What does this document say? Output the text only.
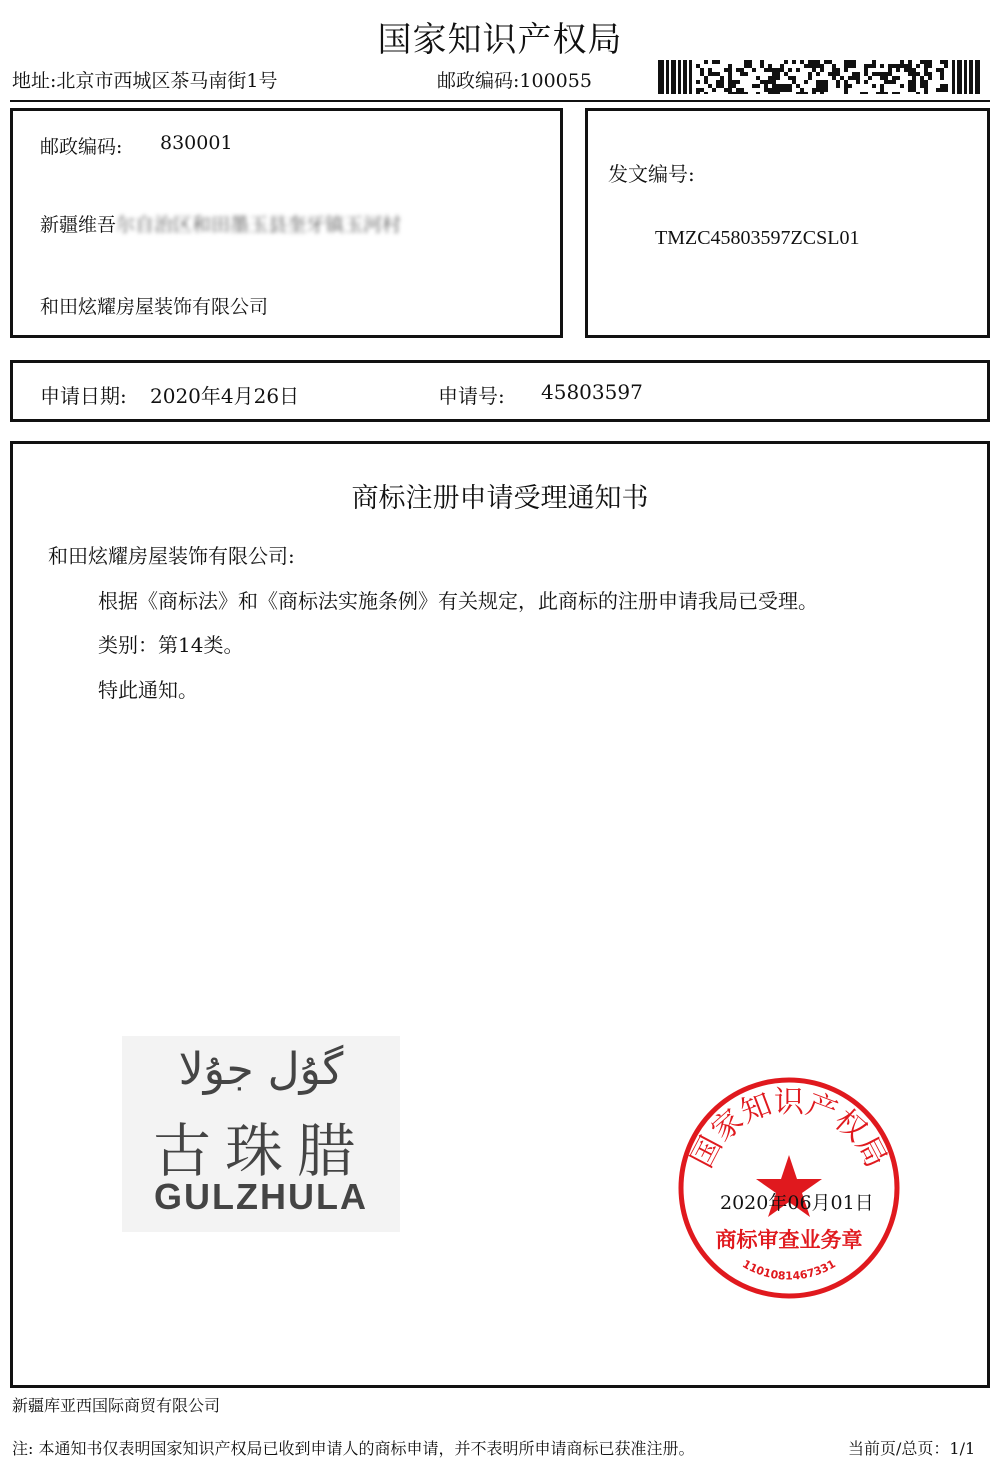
国家知识产权局
地址:北京市西城区茶马南街1号	邮政编码:100055
邮政编码: 830001
新疆维吾尔自治区和田墨玉县奎牙镇玉河村
和田炫耀房屋装饰有限公司
发文编号:
TMZC45803597ZCSL01
申请日期: 2020年4月26日	申请号: 45803597
商标注册申请受理通知书
和田炫耀房屋装饰有限公司:
根据《商标法》和《商标法实施条例》有关规定，此商标的注册申请我局已受理。
类别：第14类。
特此通知。
گۇل جۇلا
古珠腊
GULZHULA
国家知识产权局
商标审查业务章
1101081467331
2020年06月01日
新疆库亚西国际商贸有限公司
注: 本通知书仅表明国家知识产权局已收到申请人的商标申请，并不表明所申请商标已获准注册。	当前页/总页：1/1
